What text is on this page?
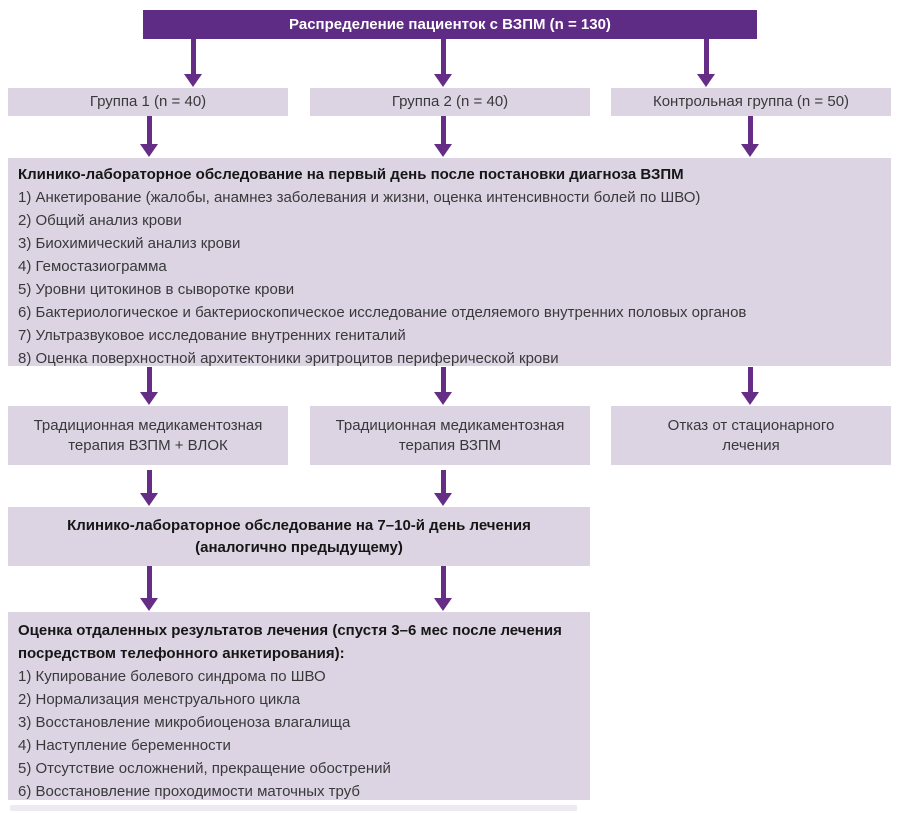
Распределение пациенток с ВЗПМ (n = 130)
Группа 1 (n = 40)	Группа 2 (n = 40)	Контрольная группа (n = 50)
Клинико-лабораторное обследование на первый день после постановки диагноза ВЗПМ
1) Анкетирование (жалобы, анамнез заболевания и жизни, оценка интенсивности болей по ШВО)
2) Общий анализ крови
3) Биохимический анализ крови
4) Гемостазиограмма
5) Уровни цитокинов в сыворотке крови
6) Бактериологическое и бактериоскопическое исследование отделяемого внутренних половых органов
7) Ультразвуковое исследование внутренних гениталий
8) Оценка поверхностной архитектоники эритроцитов периферической крови
Традиционная медикаментозная
терапия ВЗПМ + ВЛОК
Традиционная медикаментозная
терапия ВЗПМ
Отказ от стационарного
лечения
Клинико-лабораторное обследование на 7–10-й день лечения
(аналогично предыдущему)
Оценка отдаленных результатов лечения (спустя 3–6 мес после лечения посредством телефонного анкетирования):
1) Купирование болевого синдрома по ШВО
2) Нормализация менструального цикла
3) Восстановление микробиоценоза влагалища
4) Наступление беременности
5) Отсутствие осложнений, прекращение обострений
6) Восстановление проходимости маточных труб
